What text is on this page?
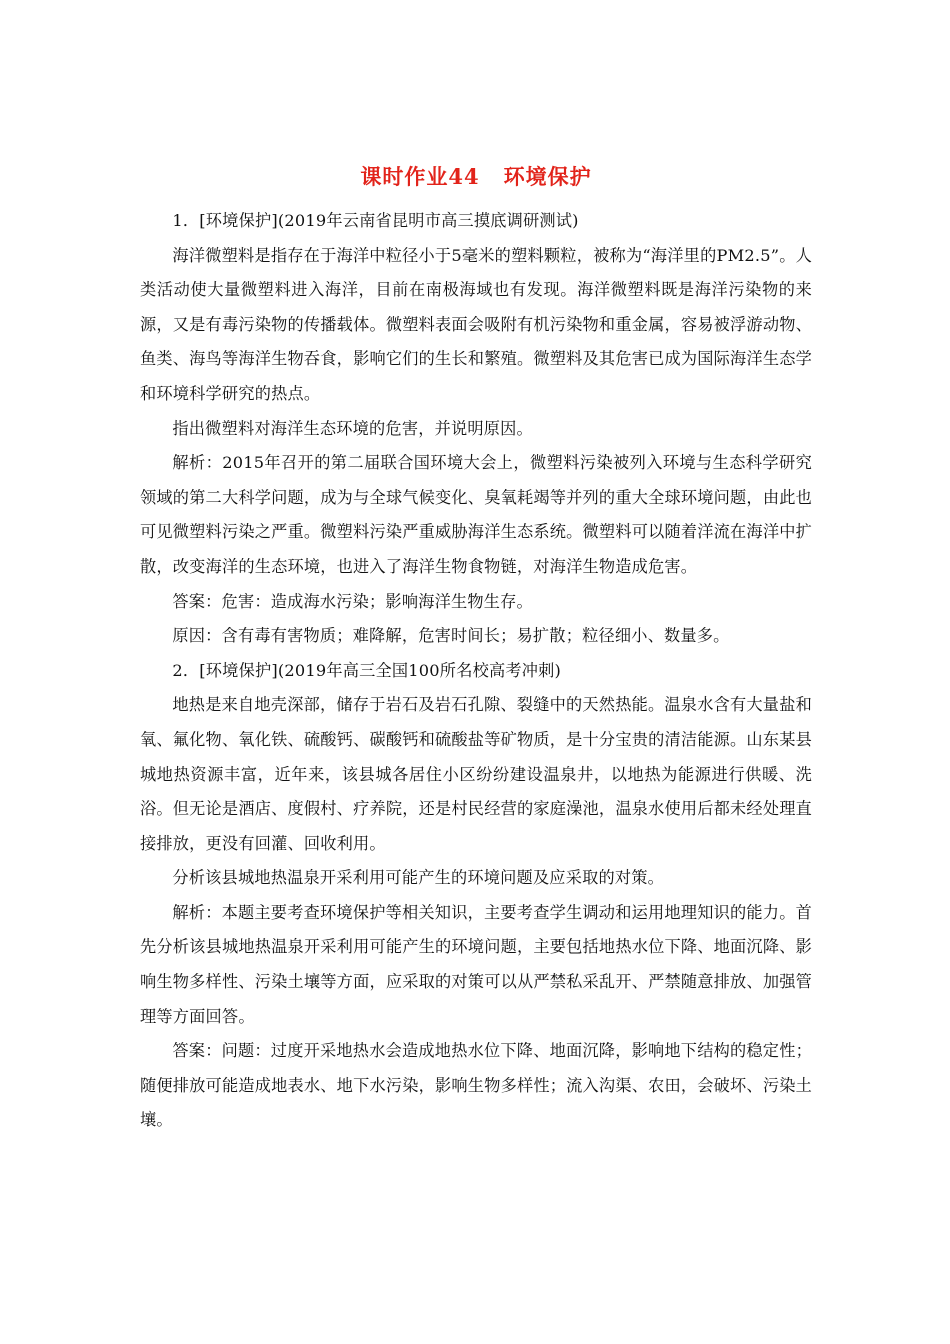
课时作业44 环境保护

1．[环境保护](2019年云南省昆明市高三摸底调研测试)

海洋微塑料是指存在于海洋中粒径小于5毫米的塑料颗粒，被称为“海洋里的PM2.5”。人类活动使大量微塑料进入海洋，目前在南极海域也有发现。海洋微塑料既是海洋污染物的来源，又是有毒污染物的传播载体。微塑料表面会吸附有机污染物和重金属，容易被浮游动物、鱼类、海鸟等海洋生物吞食，影响它们的生长和繁殖。微塑料及其危害已成为国际海洋生态学和环境科学研究的热点。

指出微塑料对海洋生态环境的危害，并说明原因。

解析：2015年召开的第二届联合国环境大会上，微塑料污染被列入环境与生态科学研究领域的第二大科学问题，成为与全球气候变化、臭氧耗竭等并列的重大全球环境问题，由此也可见微塑料污染之严重。微塑料污染严重威胁海洋生态系统。微塑料可以随着洋流在海洋中扩散，改变海洋的生态环境，也进入了海洋生物食物链，对海洋生物造成危害。

答案：危害：造成海水污染；影响海洋生物生存。

原因：含有毒有害物质；难降解，危害时间长；易扩散；粒径细小、数量多。

2．[环境保护](2019年高三全国100所名校高考冲刺)

地热是来自地壳深部，储存于岩石及岩石孔隙、裂缝中的天然热能。温泉水含有大量盐和氧、氟化物、氧化铁、硫酸钙、碳酸钙和硫酸盐等矿物质，是十分宝贵的清洁能源。山东某县城地热资源丰富，近年来，该县城各居住小区纷纷建设温泉井，以地热为能源进行供暖、洗浴。但无论是酒店、度假村、疗养院，还是村民经营的家庭澡池，温泉水使用后都未经处理直接排放，更没有回灌、回收利用。

分析该县城地热温泉开采利用可能产生的环境问题及应采取的对策。

解析：本题主要考查环境保护等相关知识，主要考查学生调动和运用地理知识的能力。首先分析该县城地热温泉开采利用可能产生的环境问题，主要包括地热水位下降、地面沉降、影响生物多样性、污染土壤等方面，应采取的对策可以从严禁私采乱开、严禁随意排放、加强管理等方面回答。

答案：问题：过度开采地热水会造成地热水位下降、地面沉降，影响地下结构的稳定性；随便排放可能造成地表水、地下水污染，影响生物多样性；流入沟渠、农田，会破坏、污染土壤。
